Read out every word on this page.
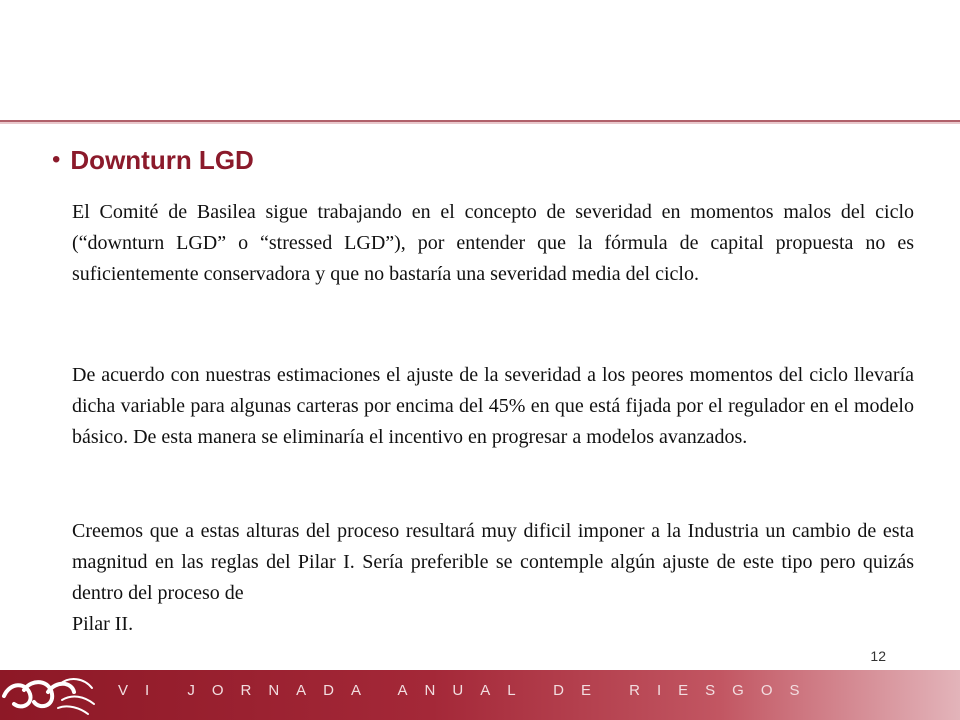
• Downturn LGD
El Comité de Basilea sigue trabajando en el concepto de severidad en momentos malos del ciclo (“downturn LGD” o “stressed LGD”), por entender que la fórmula de capital propuesta no es suficientemente conservadora y que no bastaría una severidad media del ciclo.
De acuerdo con nuestras estimaciones el ajuste de la severidad a los peores momentos del ciclo llevaría dicha variable para algunas carteras por encima del 45% en que está fijada por el regulador en el modelo básico. De esta manera se eliminaría el incentivo en progresar a modelos avanzados.
Creemos que a estas alturas del proceso resultará muy dificil imponer a la Industria un cambio de esta magnitud en las reglas del Pilar I. Sería preferible se contemple algún ajuste de este tipo pero quizás dentro del proceso de
Pilar II.
12
VI JORNADA ANUAL DE RIESGOS
